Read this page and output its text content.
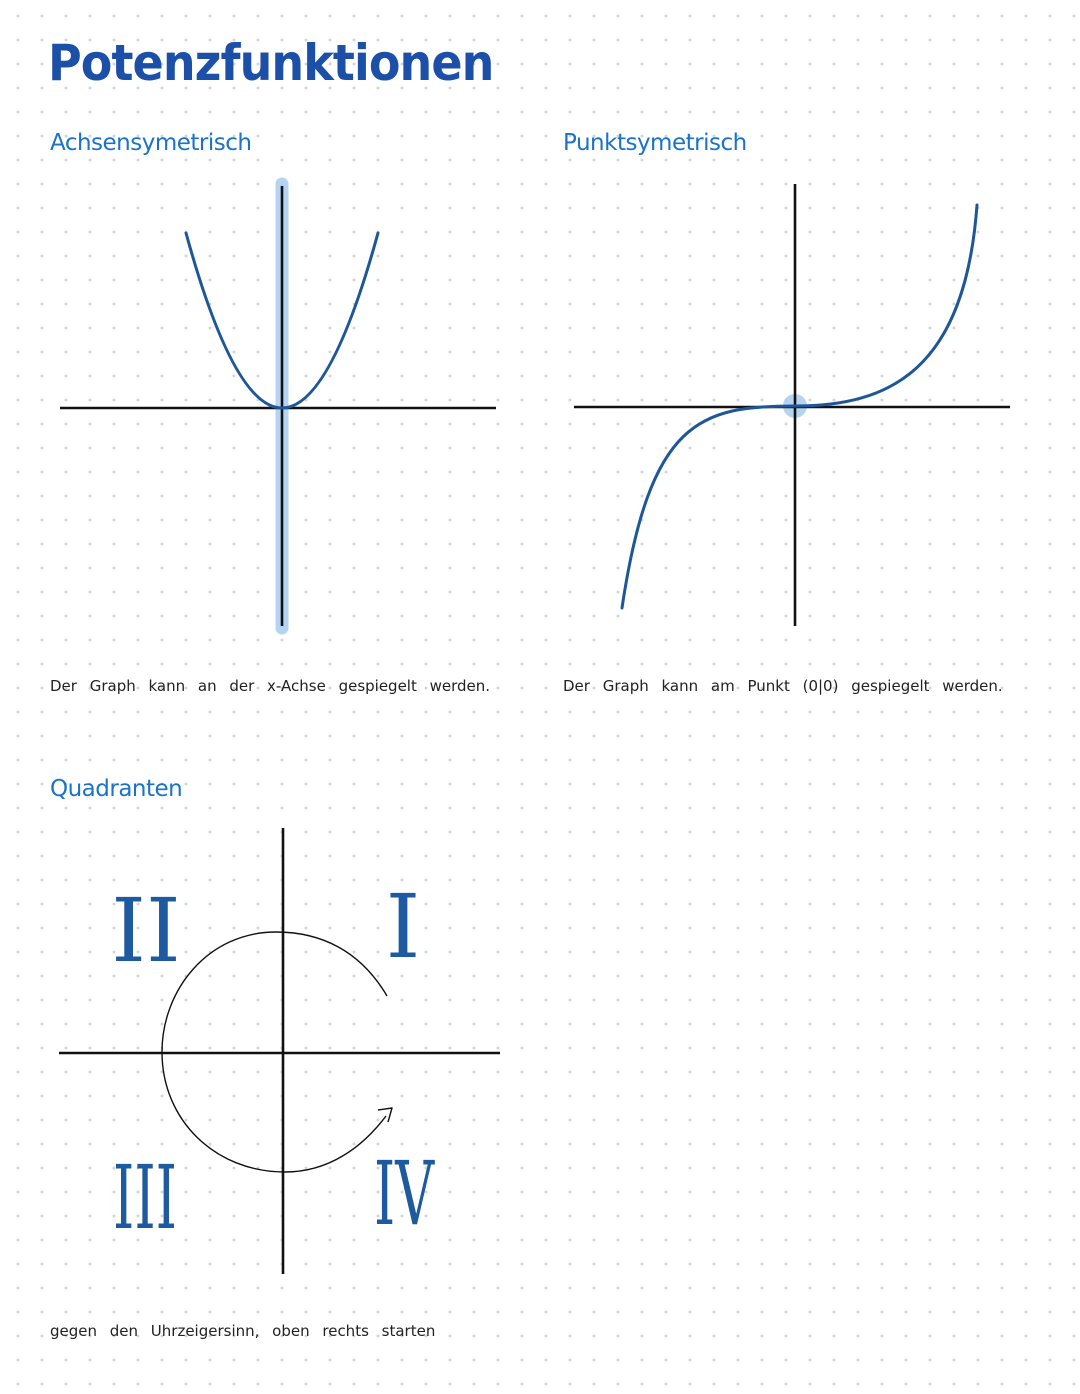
Potenzfunktionen
Achsensymetrisch

Der Graph kann an der x-Achse gespiegelt werden.

Punktsymetrisch

Der Graph kann am Punkt (0|0) gespiegelt werden.

Quadranten
I
II
III IV

gegen den Uhrzeigersinn, oben rechts starten
